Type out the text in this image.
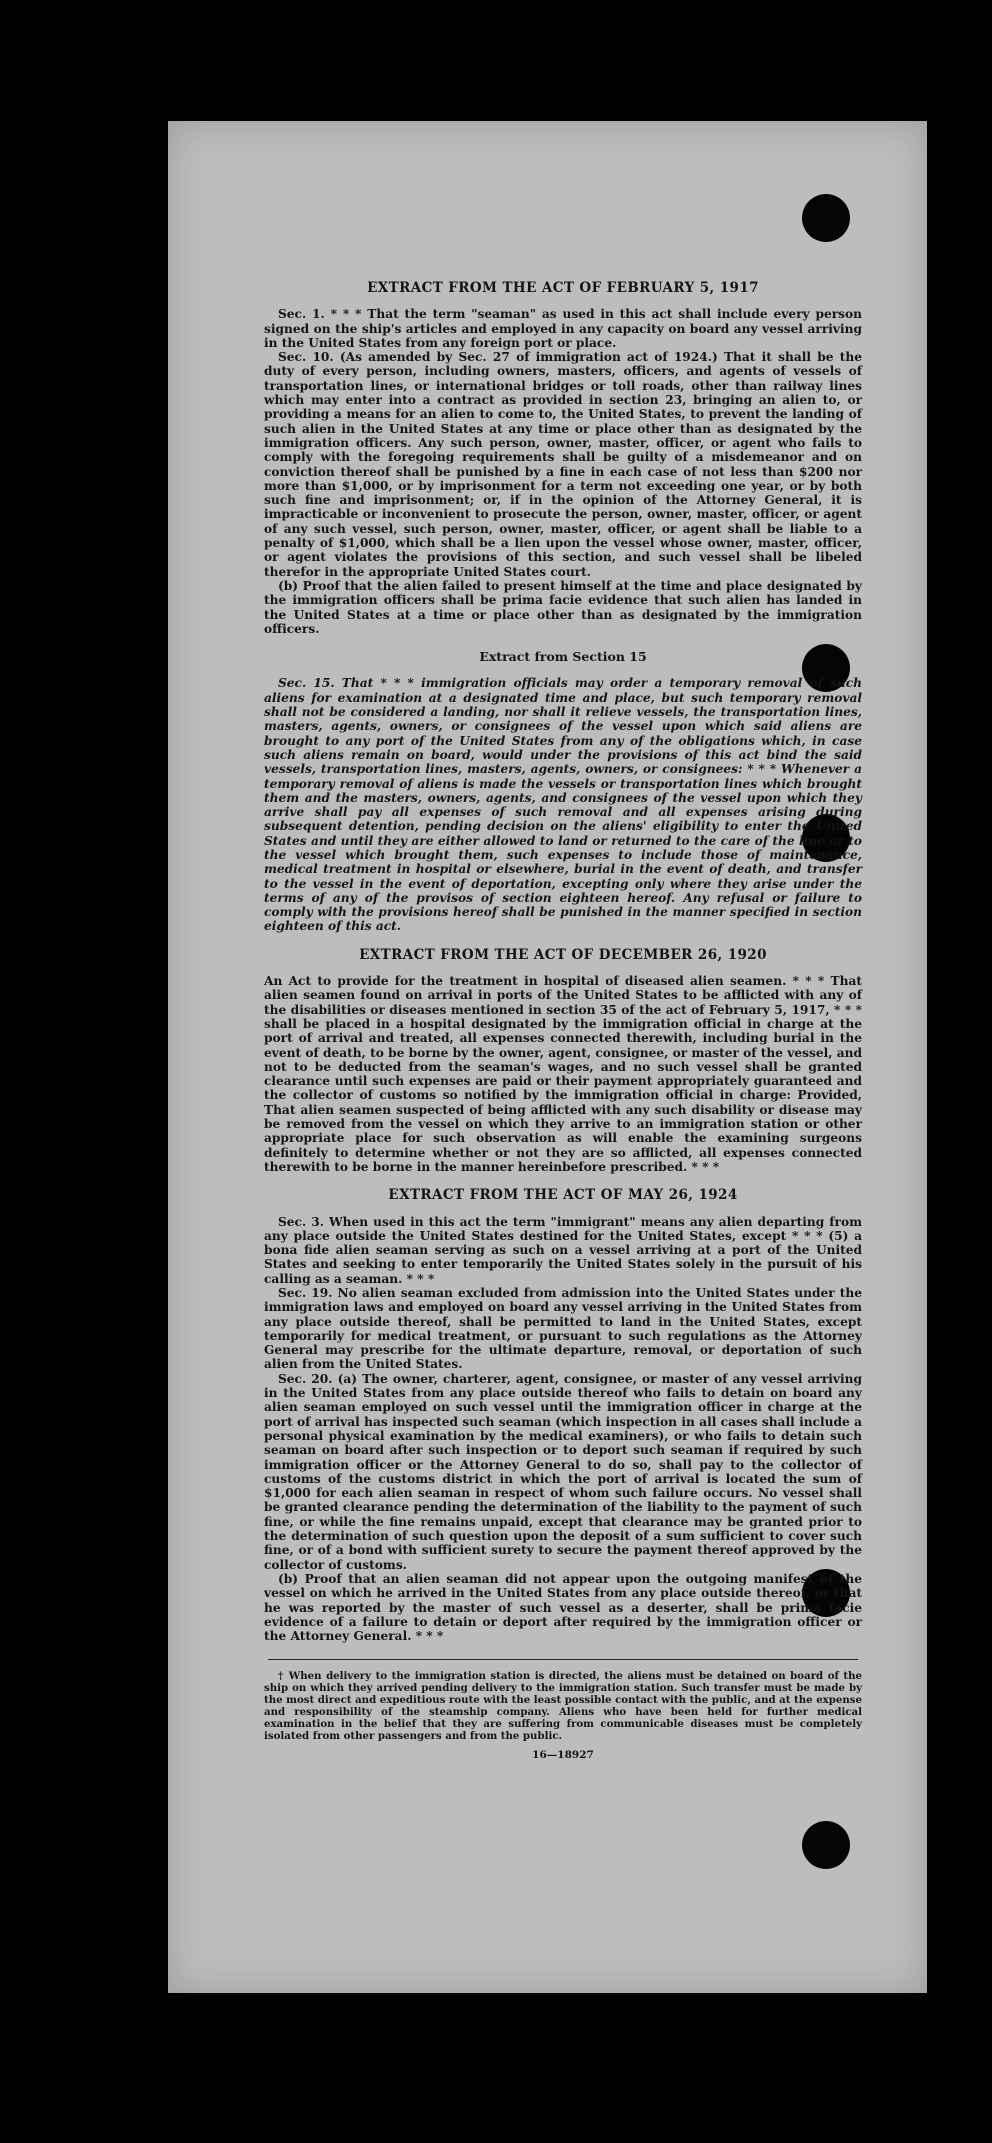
EXTRACT FROM THE ACT OF FEBRUARY 5, 1917

Sec. 1. * * * That the term "seaman" as used in this act shall include every person signed on the ship's articles and employed in any capacity on board any vessel arriving in the United States from any foreign port or place.

Sec. 10. (As amended by Sec. 27 of immigration act of 1924.) That it shall be the duty of every person, including owners, masters, officers, and agents of vessels of transportation lines, or international bridges or toll roads, other than railway lines which may enter into a contract as provided in section 23, bringing an alien to, or providing a means for an alien to come to, the United States, to prevent the landing of such alien in the United States at any time or place other than as designated by the immigration officers. Any such person, owner, master, officer, or agent who fails to comply with the foregoing requirements shall be guilty of a misdemeanor and on conviction thereof shall be punished by a fine in each case of not less than $200 nor more than $1,000, or by imprisonment for a term not exceeding one year, or by both such fine and imprisonment; or, if in the opinion of the Attorney General, it is impracticable or inconvenient to prosecute the person, owner, master, officer, or agent of any such vessel, such person, owner, master, officer, or agent shall be liable to a penalty of $1,000, which shall be a lien upon the vessel whose owner, master, officer, or agent violates the provisions of this section, and such vessel shall be libeled therefor in the appropriate United States court.

(b) Proof that the alien failed to present himself at the time and place designated by the immigration officers shall be prima facie evidence that such alien has landed in the United States at a time or place other than as designated by the immigration officers.

Extract from Section 15

Sec. 15. That * * * immigration officials may order a temporary removal of such aliens for examination at a designated time and place, but such temporary removal shall not be considered a landing, nor shall it relieve vessels, the transportation lines, masters, agents, owners, or consignees of the vessel upon which said aliens are brought to any port of the United States from any of the obligations which, in case such aliens remain on board, would under the provisions of this act bind the said vessels, transportation lines, masters, agents, owners, or consignees: * * * Whenever a temporary removal of aliens is made the vessels or transportation lines which brought them and the masters, owners, agents, and consignees of the vessel upon which they arrive shall pay all expenses of such removal and all expenses arising during subsequent detention, pending decision on the aliens' eligibility to enter the United States and until they are either allowed to land or returned to the care of the line or to the vessel which brought them, such expenses to include those of maintenance, medical treatment in hospital or elsewhere, burial in the event of death, and transfer to the vessel in the event of deportation, excepting only where they arise under the terms of any of the provisos of section eighteen hereof. Any refusal or failure to comply with the provisions hereof shall be punished in the manner specified in section eighteen of this act.

EXTRACT FROM THE ACT OF DECEMBER 26, 1920

An Act to provide for the treatment in hospital of diseased alien seamen. * * * That alien seamen found on arrival in ports of the United States to be afflicted with any of the disabilities or diseases mentioned in section 35 of the act of February 5, 1917, * * * shall be placed in a hospital designated by the immigration official in charge at the port of arrival and treated, all expenses connected therewith, including burial in the event of death, to be borne by the owner, agent, consignee, or master of the vessel, and not to be deducted from the seaman's wages, and no such vessel shall be granted clearance until such expenses are paid or their payment appropriately guaranteed and the collector of customs so notified by the immigration official in charge: Provided, That alien seamen suspected of being afflicted with any such disability or disease may be removed from the vessel on which they arrive to an immigration station or other appropriate place for such observation as will enable the examining surgeons definitely to determine whether or not they are so afflicted, all expenses connected therewith to be borne in the manner hereinbefore prescribed. * * *

EXTRACT FROM THE ACT OF MAY 26, 1924

Sec. 3. When used in this act the term "immigrant" means any alien departing from any place outside the United States destined for the United States, except * * * (5) a bona fide alien seaman serving as such on a vessel arriving at a port of the United States and seeking to enter temporarily the United States solely in the pursuit of his calling as a seaman. * * *

Sec. 19. No alien seaman excluded from admission into the United States under the immigration laws and employed on board any vessel arriving in the United States from any place outside thereof, shall be permitted to land in the United States, except temporarily for medical treatment, or pursuant to such regulations as the Attorney General may prescribe for the ultimate departure, removal, or deportation of such alien from the United States.

Sec. 20. (a) The owner, charterer, agent, consignee, or master of any vessel arriving in the United States from any place outside thereof who fails to detain on board any alien seaman employed on such vessel until the immigration officer in charge at the port of arrival has inspected such seaman (which inspection in all cases shall include a personal physical examination by the medical examiners), or who fails to detain such seaman on board after such inspection or to deport such seaman if required by such immigration officer or the Attorney General to do so, shall pay to the collector of customs of the customs district in which the port of arrival is located the sum of $1,000 for each alien seaman in respect of whom such failure occurs. No vessel shall be granted clearance pending the determination of the liability to the payment of such fine, or while the fine remains unpaid, except that clearance may be granted prior to the determination of such question upon the deposit of a sum sufficient to cover such fine, or of a bond with sufficient surety to secure the payment thereof approved by the collector of customs.

(b) Proof that an alien seaman did not appear upon the outgoing manifest of the vessel on which he arrived in the United States from any place outside thereof, or that he was reported by the master of such vessel as a deserter, shall be prima facie evidence of a failure to detain or deport after required by the immigration officer or the Attorney General. * * *

† When delivery to the immigration station is directed, the aliens must be detained on board of the ship on which they arrived pending delivery to the immigration station. Such transfer must be made by the most direct and expeditious route with the least possible contact with the public, and at the expense and responsibility of the steamship company. Aliens who have been held for further medical examination in the belief that they are suffering from communicable diseases must be completely isolated from other passengers and from the public.

16—18927
